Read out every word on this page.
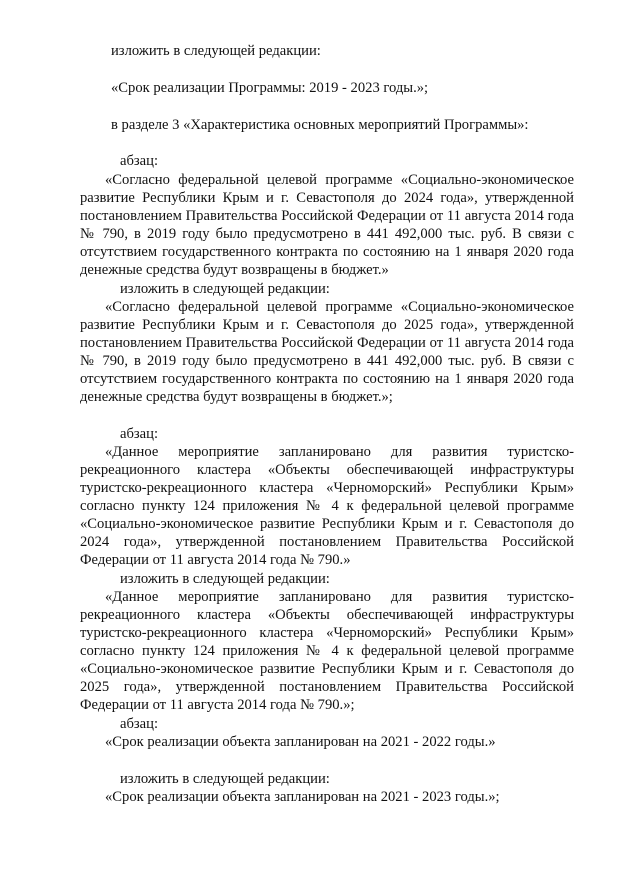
изложить в следующей редакции:
«Срок реализации Программы: 2019 - 2023 годы.»;
в разделе 3 «Характеристика основных мероприятий Программы»:
абзац:

«Согласно федеральной целевой программе «Социально-экономическое развитие Республики Крым и г. Севастополя до 2024 года», утвержденной постановлением Правительства Российской Федерации от 11 августа 2014 года № 790, в 2019 году было предусмотрено в 441 492,000 тыс. руб. В связи с отсутствием государственного контракта по состоянию на 1 января 2020 года денежные средства будут возвращены в бюджет.»

изложить в следующей редакции:

«Согласно федеральной целевой программе «Социально-экономическое развитие Республики Крым и г. Севастополя до 2025 года», утвержденной постановлением Правительства Российской Федерации от 11 августа 2014 года № 790, в 2019 году было предусмотрено в 441 492,000 тыс. руб. В связи с отсутствием государственного контракта по состоянию на 1 января 2020 года денежные средства будут возвращены в бюджет.»;

абзац:

«Данное мероприятие запланировано для развития туристско-рекреационного кластера «Объекты обеспечивающей инфраструктуры туристско-рекреационного кластера «Черноморский» Республики Крым» согласно пункту 124 приложения № 4 к федеральной целевой программе «Социально-экономическое развитие Республики Крым и г. Севастополя до 2024 года», утвержденной постановлением Правительства Российской Федерации от 11 августа 2014 года № 790.»

изложить в следующей редакции:

«Данное мероприятие запланировано для развития туристско-рекреационного кластера «Объекты обеспечивающей инфраструктуры туристско-рекреационного кластера «Черноморский» Республики Крым» согласно пункту 124 приложения № 4 к федеральной целевой программе «Социально-экономическое развитие Республики Крым и г. Севастополя до 2025 года», утвержденной постановлением Правительства Российской Федерации от 11 августа 2014 года № 790.»;

абзац:
«Срок реализации объекта запланирован на 2021 - 2022 годы.»
изложить в следующей редакции:
«Срок реализации объекта запланирован на 2021 - 2023 годы.»;
